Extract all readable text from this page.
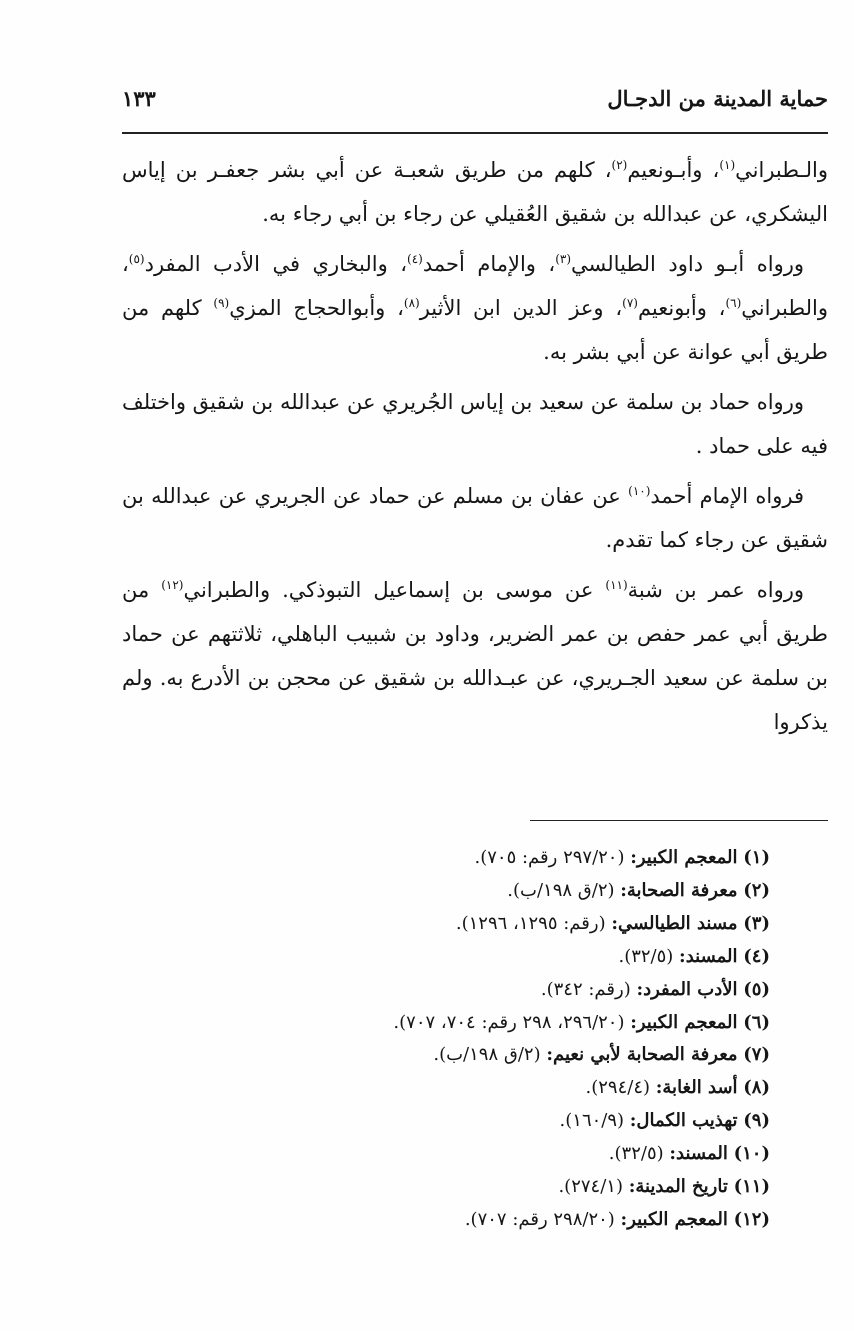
حماية المدينة من الدجـال
١٣٣

والـطبراني$^{(١)}$، وأبـونعيم$^{(٢)}$، كلهم من طريق شعبـة عن أبي بشر جعفـر بن إياس اليشكري، عن عبدالله بن شقيق العُقيلي عن رجاء بن أبي رجاء به.

ورواه أبـو داود الطيالسي$^{(٣)}$، والإمام أحمد$^{(٤)}$، والبخاري في الأدب المفرد$^{(٥)}$، والطبراني$^{(٦)}$، وأبونعيم$^{(٧)}$، وعز الدين ابن الأثير$^{(٨)}$، وأبوالحجاج المزي$^{(٩)}$ كلهم من طريق أبي عوانة عن أبي بشر به.

ورواه حماد بن سلمة عن سعيد بن إياس الجُريري عن عبدالله بن شقيق واختلف فيه على حماد .

فرواه الإمام أحمد$^{(١٠)}$ عن عفان بن مسلم عن حماد عن الجريري عن عبدالله بن شقيق عن رجاء كما تقدم.

ورواه عمر بن شبة$^{(١١)}$ عن موسى بن إسماعيل التبوذكي. والطبراني$^{(١٢)}$ من طريق أبي عمر حفص بن عمر الضرير، وداود بن شبيب الباهلي، ثلاثتهم عن حماد بن سلمة عن سعيد الجـريري، عن عبـدالله بن شقيق عن محجن بن الأدرع به. ولم يذكروا

(١) المعجم الكبير: (٢٩٧/٢٠ رقم: ٧٠٥).
(٢) معرفة الصحابة: (٢/ق ١٩٨/ب).
(٣) مسند الطيالسي: (رقم: ١٢٩٥، ١٢٩٦).
(٤) المسند: (٣٢/٥).
(٥) الأدب المفرد: (رقم: ٣٤٢).
(٦) المعجم الكبير: (٢٩٦/٢٠، ٢٩٨ رقم: ٧٠٤، ٧٠٧).
(٧) معرفة الصحابة لأبي نعيم: (٢/ق ١٩٨/ب).
(٨) أسد الغابة: (٢٩٤/٤).
(٩) تهذيب الكمال: (١٦٠/٩).
(١٠) المسند: (٣٢/٥).
(١١) تاريخ المدينة: (٢٧٤/١).
(١٢) المعجم الكبير: (٢٩٨/٢٠ رقم: ٧٠٧).
